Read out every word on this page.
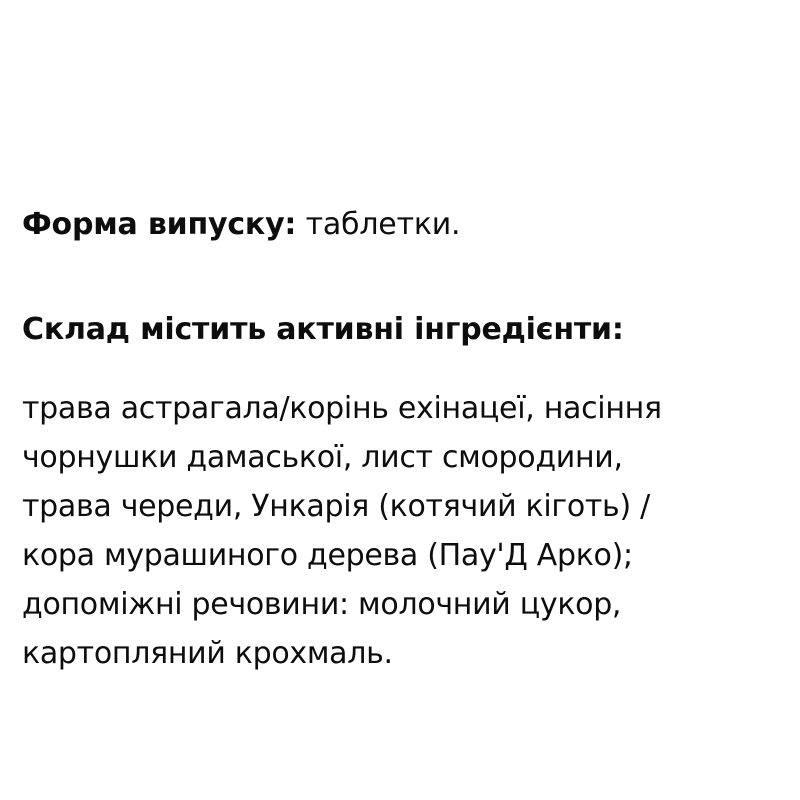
Форма випуску: таблетки.

Склад містить активні інгредієнти:

трава астрагала/корінь ехінацеї, насіння
чорнушки дамаської, лист смородини,
трава череди, Ункарія (котячий кіготь) /
кора мурашиного дерева (Пау'Д Арко);
допоміжні речовини: молочний цукор,
картопляний крохмаль.
